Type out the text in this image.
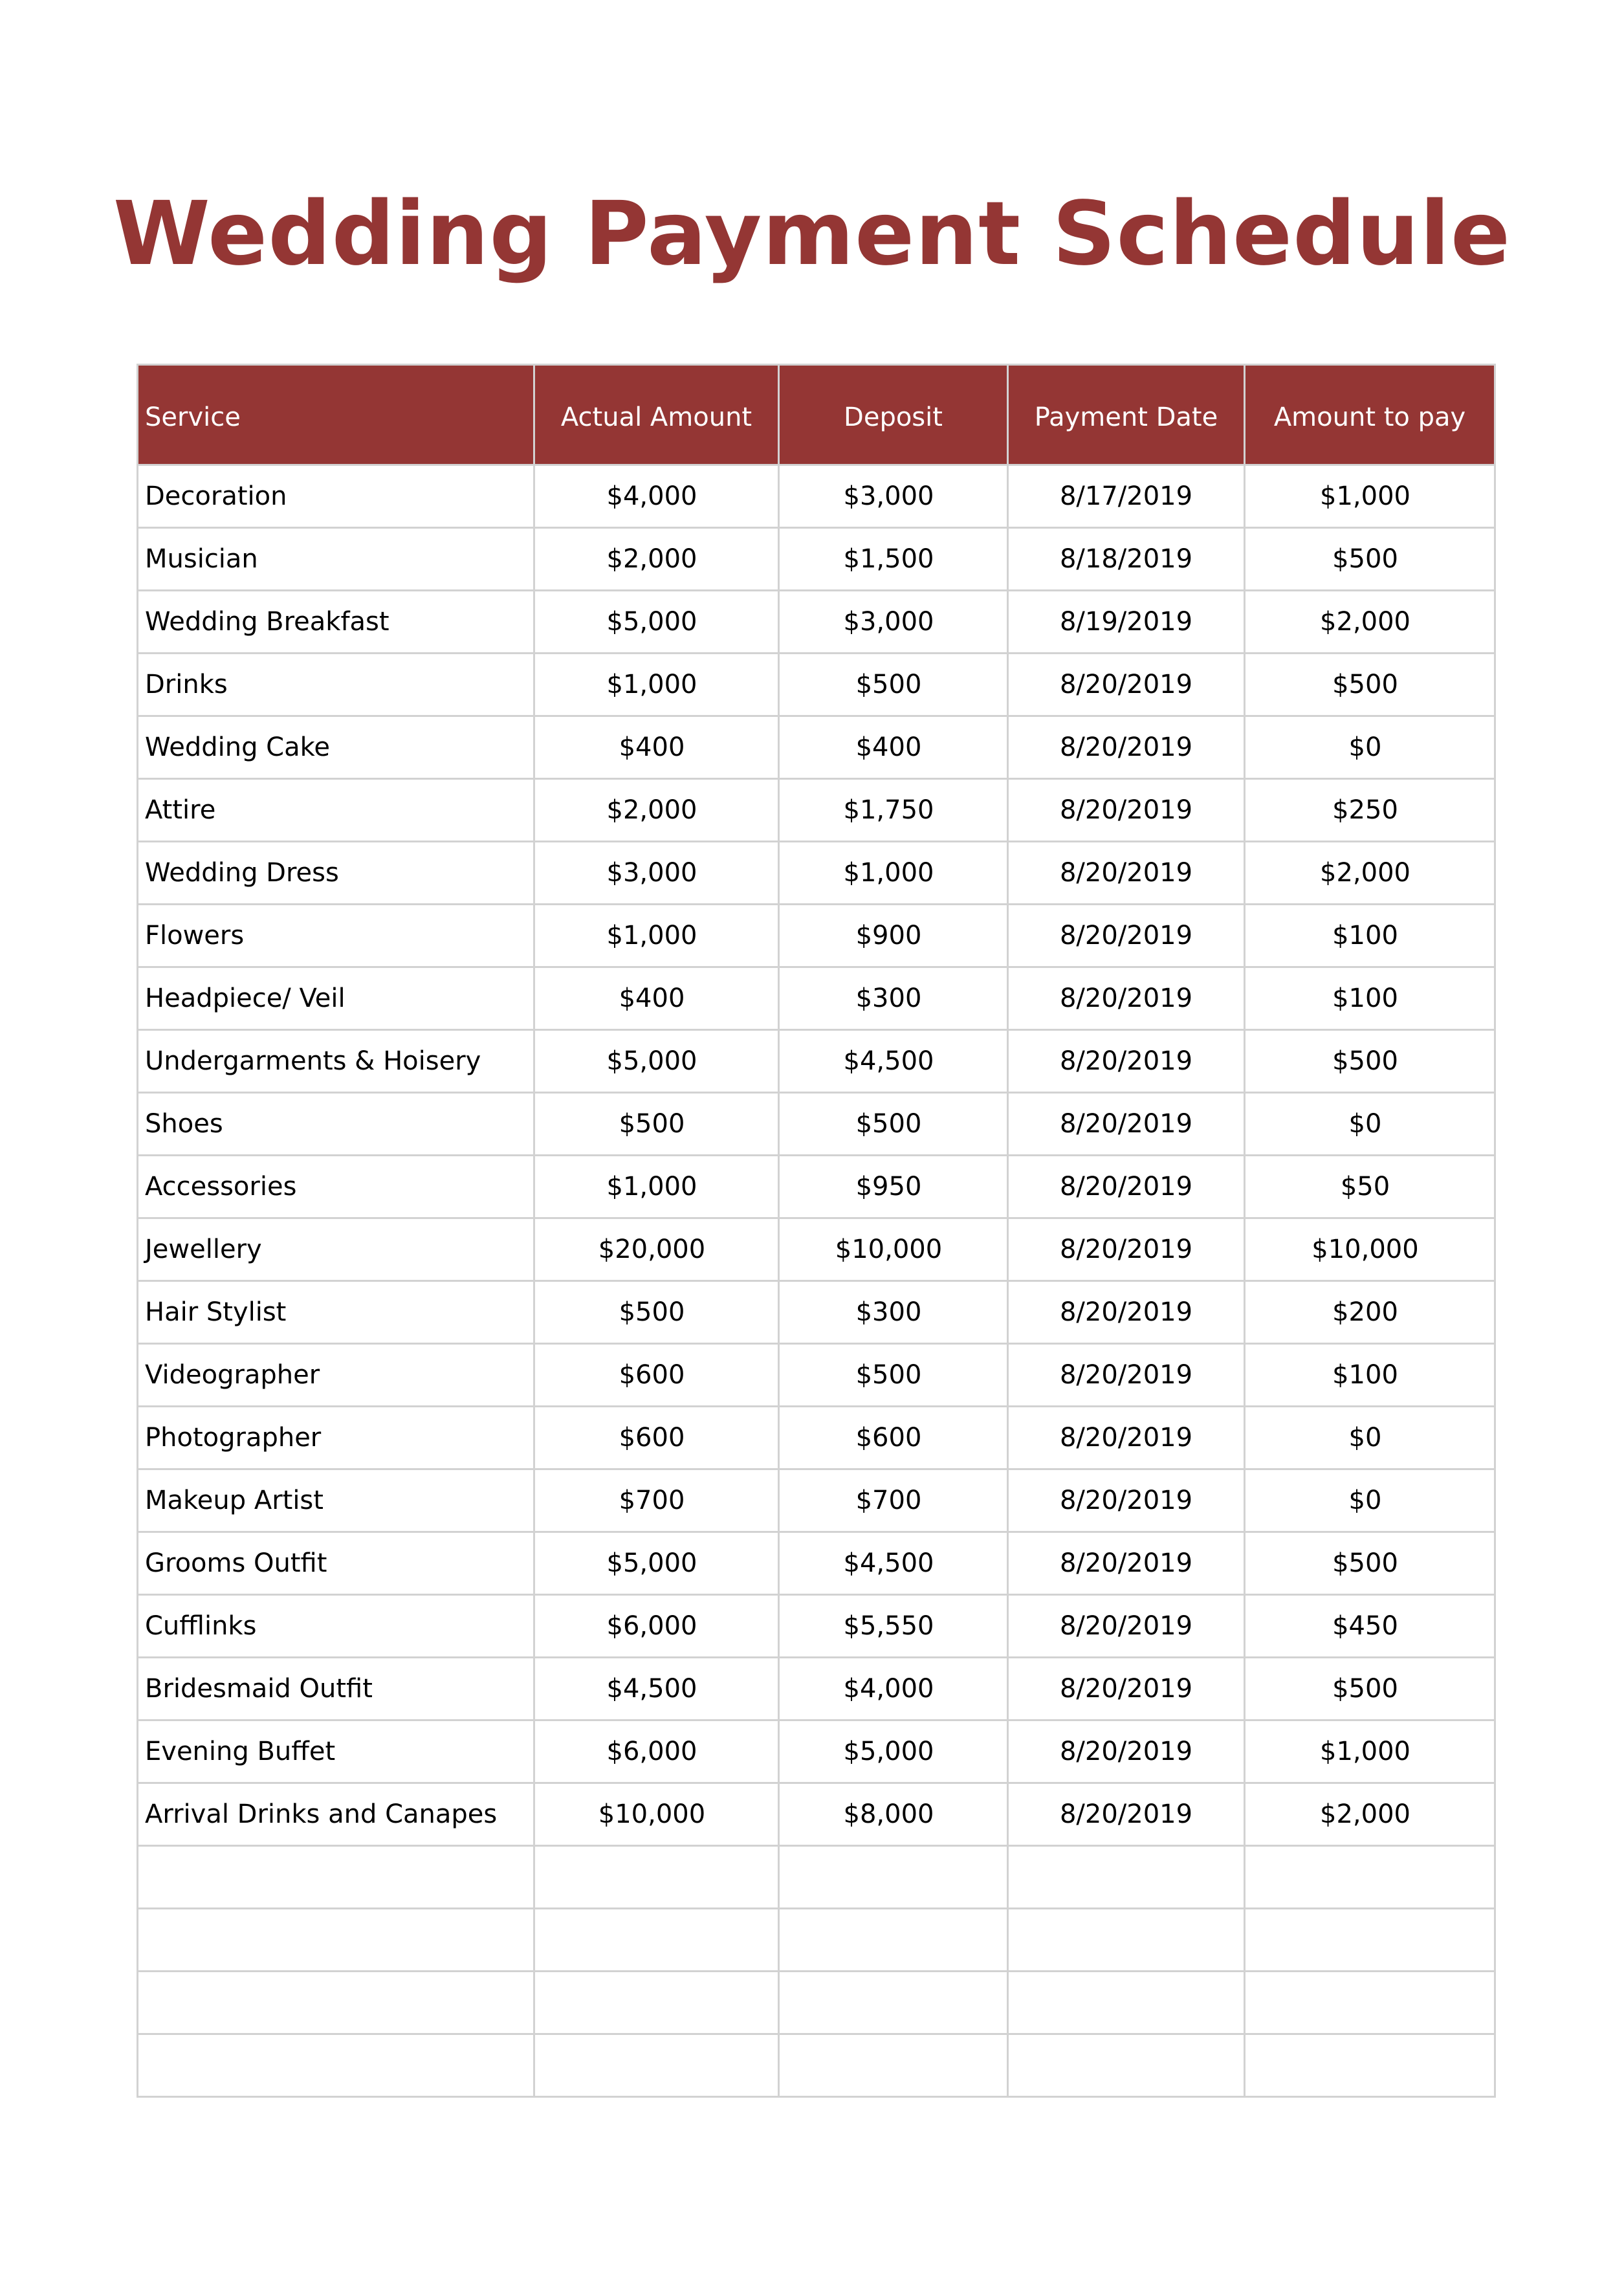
Wedding Payment Schedule
Service	Actual Amount	Deposit	Payment Date	Amount to pay
Decoration	$4,000	$3,000	8/17/2019	$1,000
Musician	$2,000	$1,500	8/18/2019	$500
Wedding Breakfast	$5,000	$3,000	8/19/2019	$2,000
Drinks	$1,000	$500	8/20/2019	$500
Wedding Cake	$400	$400	8/20/2019	$0
Attire	$2,000	$1,750	8/20/2019	$250
Wedding Dress	$3,000	$1,000	8/20/2019	$2,000
Flowers	$1,000	$900	8/20/2019	$100
Headpiece/ Veil	$400	$300	8/20/2019	$100
Undergarments & Hoisery	$5,000	$4,500	8/20/2019	$500
Shoes	$500	$500	8/20/2019	$0
Accessories	$1,000	$950	8/20/2019	$50
Jewellery	$20,000	$10,000	8/20/2019	$10,000
Hair Stylist	$500	$300	8/20/2019	$200
Videographer	$600	$500	8/20/2019	$100
Photographer	$600	$600	8/20/2019	$0
Makeup Artist	$700	$700	8/20/2019	$0
Grooms Outfit	$5,000	$4,500	8/20/2019	$500
Cufflinks	$6,000	$5,550	8/20/2019	$450
Bridesmaid Outfit	$4,500	$4,000	8/20/2019	$500
Evening Buffet	$6,000	$5,000	8/20/2019	$1,000
Arrival Drinks and Canapes	$10,000	$8,000	8/20/2019	$2,000
